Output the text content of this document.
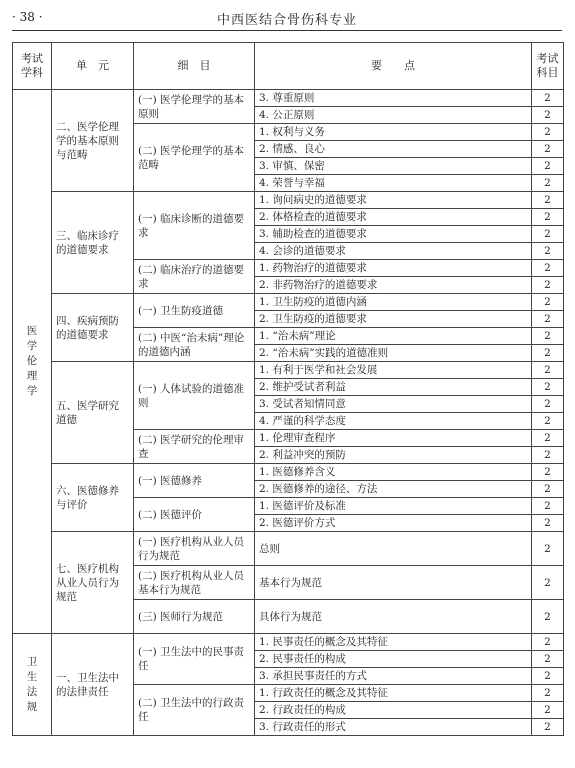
· 38 ·	中西医结合骨伤科专业
考试学科	单　元	细　目	要　　点	考试科目
医学伦理学	二、医学伦理学的基本原则与范畴	(一) 医学伦理学的基本原则	3. 尊重原则	2
			4. 公正原则	2
		(二) 医学伦理学的基本范畴	1. 权利与义务	2
			2. 情感、良心	2
			3. 审慎、保密	2
			4. 荣誉与幸福	2
	三、临床诊疗的道德要求	(一) 临床诊断的道德要求	1. 询问病史的道德要求	2
			2. 体格检查的道德要求	2
			3. 辅助检查的道德要求	2
			4. 会诊的道德要求	2
		(二) 临床治疗的道德要求	1. 药物治疗的道德要求	2
			2. 非药物治疗的道德要求	2
	四、疾病预防的道德要求	(一) 卫生防疫道德	1. 卫生防疫的道德内涵	2
			2. 卫生防疫的道德要求	2
		(二) 中医“治未病”理论的道德内涵	1. “治未病”理论	2
			2. “治未病”实践的道德准则	2
	五、医学研究道德	(一) 人体试验的道德准则	1. 有利于医学和社会发展	2
			2. 维护受试者利益	2
			3. 受试者知情同意	2
			4. 严谨的科学态度	2
		(二) 医学研究的伦理审查	1. 伦理审查程序	2
			2. 利益冲突的预防	2
	六、医德修养与评价	(一) 医德修养	1. 医德修养含义	2
			2. 医德修养的途径、方法	2
		(二) 医德评价	1. 医德评价及标准	2
			2. 医德评价方式	2
	七、医疗机构从业人员行为规范	(一) 医疗机构从业人员行为规范	总则	2
		(二) 医疗机构从业人员基本行为规范	基本行为规范	2
		(三) 医师行为规范	具体行为规范	2
卫生法规	一、卫生法中的法律责任	(一) 卫生法中的民事责任	1. 民事责任的概念及其特征	2
			2. 民事责任的构成	2
			3. 承担民事责任的方式	2
		(二) 卫生法中的行政责任	1. 行政责任的概念及其特征	2
			2. 行政责任的构成	2
			3. 行政责任的形式	2
